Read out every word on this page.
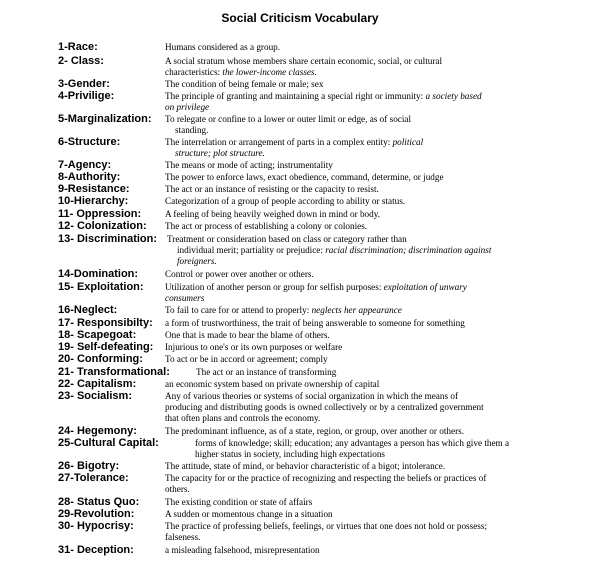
Social Criticism Vocabulary
1-Race:	Humans considered as a group.
2- Class:	A social stratum whose members share certain economic, social, or cultural
characteristics: the lower-income classes.
3-Gender:	The condition of being female or male; sex
4-Privilige:	The principle of granting and maintaining a special right or immunity: a society based
on privilege
5-Marginalization: To relegate or confine to a lower or outer limit or edge, as of social
standing.
6-Structure:	The interrelation or arrangement of parts in a complex entity: political
structure; plot structure.
7-Agency:	The means or mode of acting; instrumentality
8-Authority:	The power to enforce laws, exact obedience, command, determine, or judge
9-Resistance:	The act or an instance of resisting or the capacity to resist.
10-Hierarchy:	Categorization of a group of people according to ability or status.
11- Oppression:	A feeling of being heavily weighed down in mind or body.
12- Colonization: The act or process of establishing a colony or colonies.
13- Discrimination: Treatment or consideration based on class or category rather than
individual merit; partiality or prejudice: racial discrimination; discrimination against
foreigners.
14-Domination:	Control or power over another or others.
15- Exploitation: Utilization of another person or group for selfish purposes: exploitation of unwary
consumers
16-Neglect:	To fail to care for or attend to properly: neglects her appearance
17- Responsibilty: a form of trustworthiness, the trait of being answerable to someone for something
18- Scapegoat:	One that is made to bear the blame of others.
19- Self-defeating: Injurious to one's or its own purposes or welfare
20- Conforming: To act or be in accord or agreement; comply
21- Transformational:	The act or an instance of transforming
22- Capitalism:	an economic system based on private ownership of capital
23- Socialism:	Any of various theories or systems of social organization in which the means of
producing and distributing goods is owned collectively or by a centralized government
that often plans and controls the economy.
24- Hegemony:	The predominant influence, as of a state, region, or group, over another or others.
25-Cultural Capital:	forms of knowledge; skill; education; any advantages a person has which give them a
higher status in society, including high expectations
26- Bigotry:	The attitude, state of mind, or behavior characteristic of a bigot; intolerance.
27-Tolerance:	The capacity for or the practice of recognizing and respecting the beliefs or practices of
others.
28- Status Quo:	The existing condition or state of affairs
29-Revolution:	A sudden or momentous change in a situation
30- Hypocrisy:	The practice of professing beliefs, feelings, or virtues that one does not hold or possess;
falseness.
31- Deception:	a misleading falsehood, misrepresentation
